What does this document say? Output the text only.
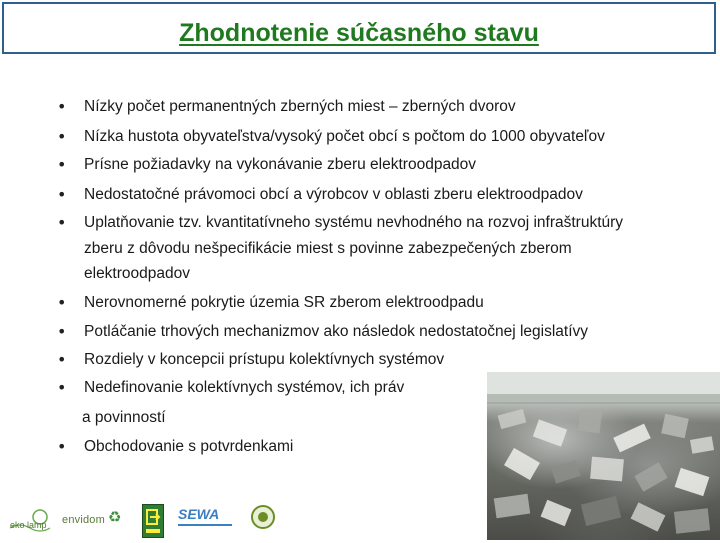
Zhodnotenie súčasného stavu
• Nízky počet permanentných zberných miest – zberných dvorov
• Nízka hustota obyvateľstva/vysoký počet obcí s počtom do 1000 obyvateľov
• Prísne požiadavky na vykonávanie zberu elektroodpadov
• Nedostatočné právomoci obcí a výrobcov v oblasti zberu elektroodpadov
• Uplatňovanie tzv. kvantitatívneho systému nevhodného na rozvoj infraštruktúry
zberu z dôvodu nešpecifikácie miest s povinne zabezpečených zberom
elektroodpadov
• Nerovnomerné pokrytie územia SR zberom elektroodpadu
• Potláčanie trhových mechanizmov ako následok nedostatočnej legislatívy
• Rozdiely v koncepcii prístupu kolektívnych systémov
• Nedefinovanie kolektívnych systémov, ich práv
a povinností
• Obchodovanie s potvrdenkami
eko lamp envidom ♻	SEWA
